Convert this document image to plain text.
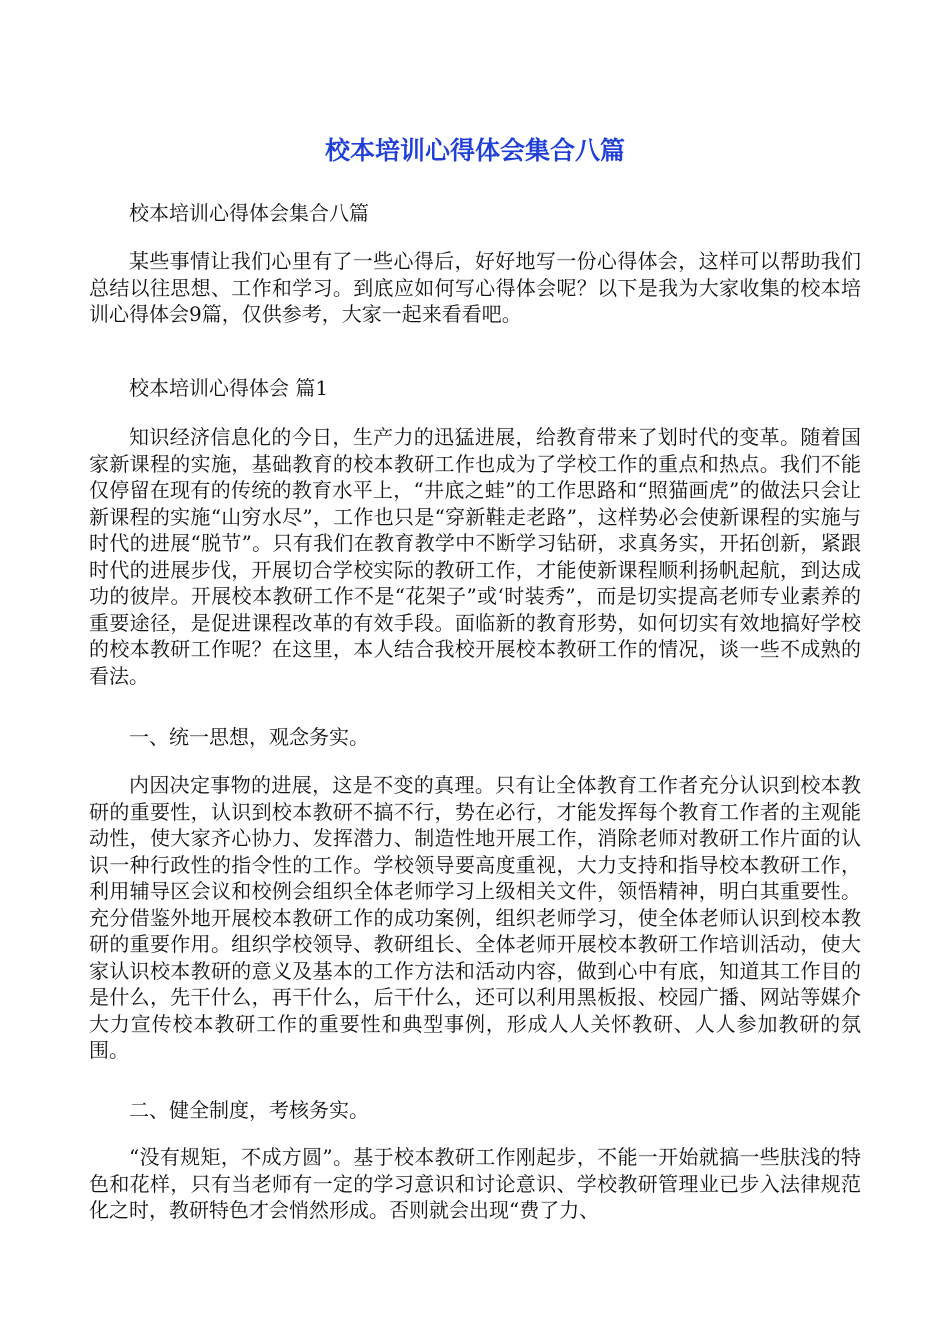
校本培训心得体会集合八篇

校本培训心得体会集合八篇

某些事情让我们心里有了一些心得后，好好地写一份心得体会，这样可以帮助我们总结以往思想、工作和学习。到底应如何写心得体会呢？以下是我为大家收集的校本培训心得体会9篇，仅供参考，大家一起来看看吧。

校本培训心得体会 篇1

知识经济信息化的今日，生产力的迅猛进展，给教育带来了划时代的变革。随着国家新课程的实施，基础教育的校本教研工作也成为了学校工作的重点和热点。我们不能仅停留在现有的传统的教育水平上，“井底之蛙”的工作思路和“照猫画虎”的做法只会让新课程的实施“山穷水尽”，工作也只是“穿新鞋走老路”，这样势必会使新课程的实施与时代的进展“脱节”。只有我们在教育教学中不断学习钻研，求真务实，开拓创新，紧跟时代的进展步伐，开展切合学校实际的教研工作，才能使新课程顺利扬帆起航，到达成功的彼岸。开展校本教研工作不是“花架子”或‘时装秀”，而是切实提高老师专业素养的重要途径，是促进课程改革的有效手段。面临新的教育形势，如何切实有效地搞好学校的校本教研工作呢？在这里，本人结合我校开展校本教研工作的情况，谈一些不成熟的看法。

一、统一思想，观念务实。

内因决定事物的进展，这是不变的真理。只有让全体教育工作者充分认识到校本教研的重要性，认识到校本教研不搞不行，势在必行，才能发挥每个教育工作者的主观能动性，使大家齐心协力、发挥潜力、制造性地开展工作，消除老师对教研工作片面的认识一种行政性的指令性的工作。学校领导要高度重视，大力支持和指导校本教研工作，利用辅导区会议和校例会组织全体老师学习上级相关文件，领悟精神，明白其重要性。充分借鉴外地开展校本教研工作的成功案例，组织老师学习，使全体老师认识到校本教研的重要作用。组织学校领导、教研组长、全体老师开展校本教研工作培训活动，使大家认识校本教研的意义及基本的工作方法和活动内容，做到心中有底，知道其工作目的是什么，先干什么，再干什么，后干什么，还可以利用黑板报、校园广播、网站等媒介大力宣传校本教研工作的重要性和典型事例，形成人人关怀教研、人人参加教研的氛围。

二、健全制度，考核务实。

“没有规矩，不成方圆”。基于校本教研工作刚起步，不能一开始就搞一些肤浅的特色和花样，只有当老师有一定的学习意识和讨论意识、学校教研管理业已步入法律规范化之时，教研特色才会悄然形成。否则就会出现“费了力、
